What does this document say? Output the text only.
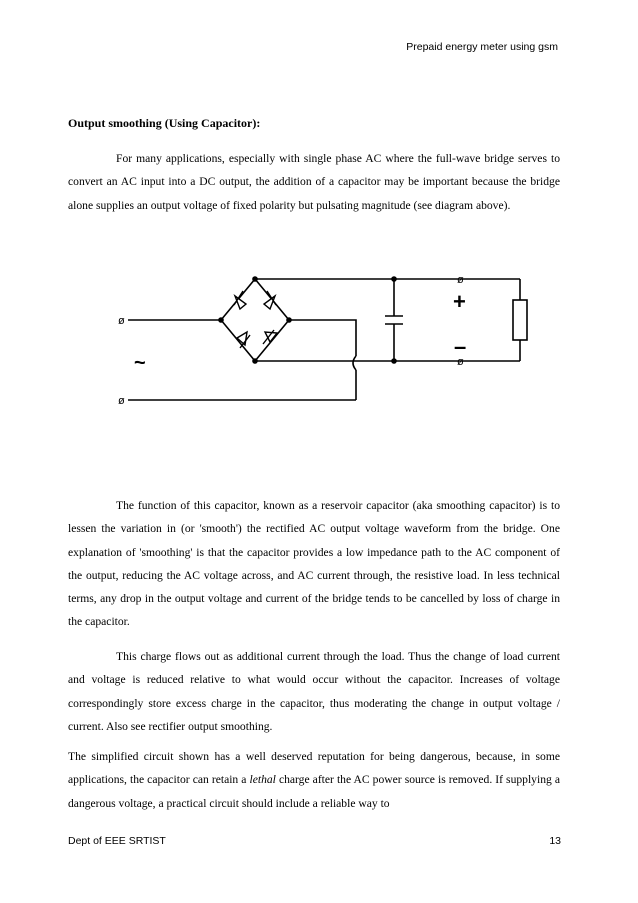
Prepaid energy meter using gsm
Output smoothing (Using Capacitor):

For many applications, especially with single phase AC where the full-wave bridge serves to convert an AC input into a DC output, the addition of a capacitor may be important because the bridge alone supplies an output voltage of fixed polarity but pulsating magnitude (see diagram above).

ø
ø
ø
ø
~
+
–

The function of this capacitor, known as a reservoir capacitor (aka smoothing capacitor) is to lessen the variation in (or 'smooth') the rectified AC output voltage waveform from the bridge. One explanation of 'smoothing' is that the capacitor provides a low impedance path to the AC component of the output, reducing the AC voltage across, and AC current through, the resistive load. In less technical terms, any drop in the output voltage and current of the bridge tends to be cancelled by loss of charge in the capacitor.

This charge flows out as additional current through the load. Thus the change of load current and voltage is reduced relative to what would occur without the capacitor. Increases of voltage correspondingly store excess charge in the capacitor, thus moderating the change in output voltage / current. Also see rectifier output smoothing.

The simplified circuit shown has a well deserved reputation for being dangerous, because, in some applications, the capacitor can retain a lethal charge after the AC power source is removed. If supplying a dangerous voltage, a practical circuit should include a reliable way to

Dept of EEE SRTIST	13
